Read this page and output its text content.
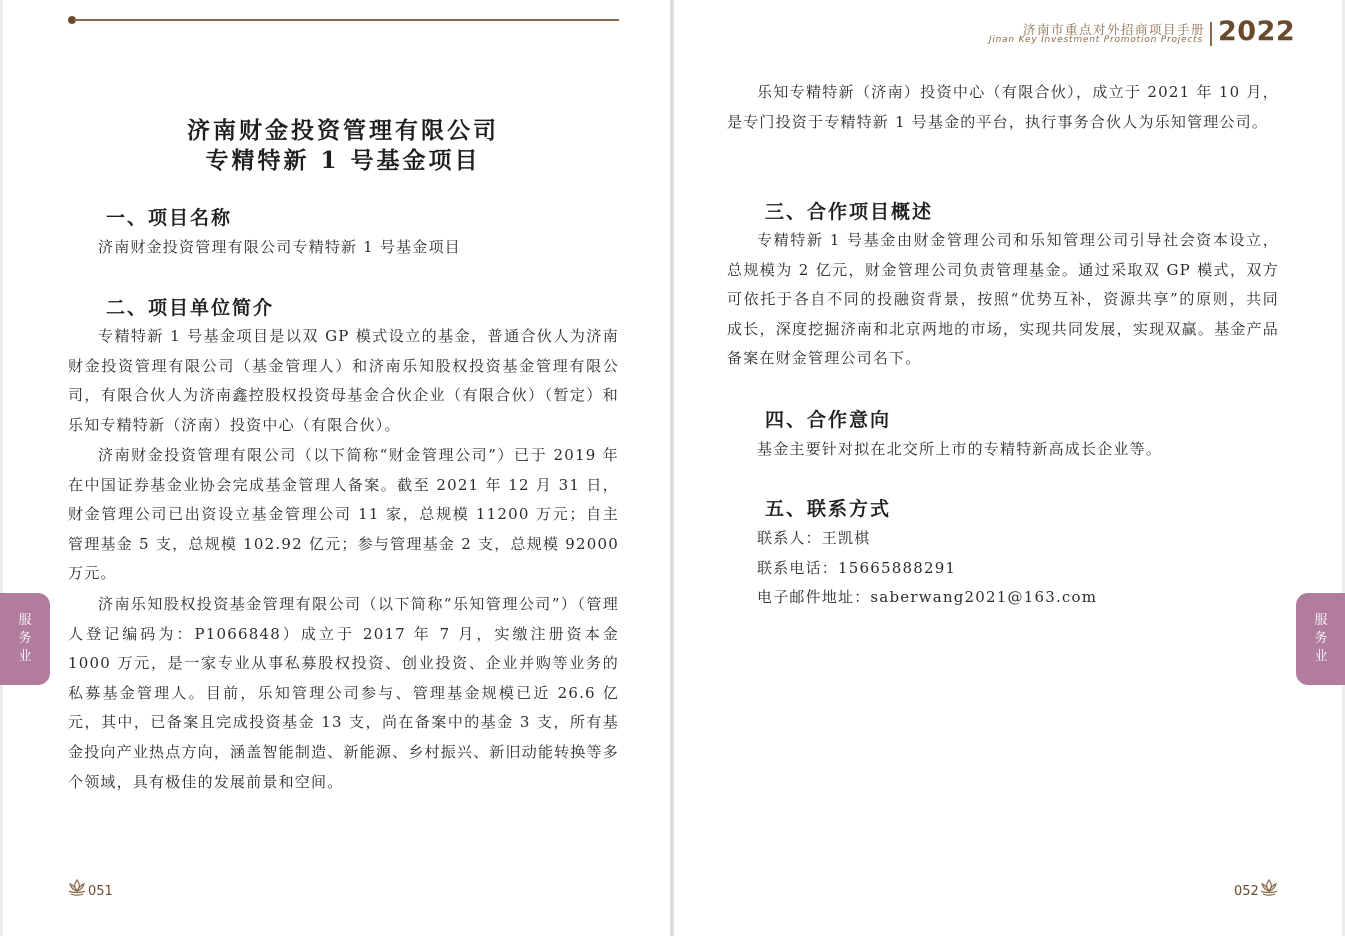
济南市重点对外招商项目手册
Jinan Key Investment Promotion Projects 2022
济南财金投资管理有限公司
专精特新 1 号基金项目
一、项目名称
济南财金投资管理有限公司专精特新 1 号基金项目
二、项目单位简介
专精特新 1 号基金项目是以双 GP 模式设立的基金，普通合伙人为济南财金投资管理有限公司（基金管理人）和济南乐知股权投资基金管理有限公司，有限合伙人为济南鑫控股权投资母基金合伙企业（有限合伙）（暂定）和乐知专精特新（济南）投资中心（有限合伙）。
济南财金投资管理有限公司（以下简称“财金管理公司”）已于 2019 年在中国证券基金业协会完成基金管理人备案。截至 2021 年 12 月 31 日，财金管理公司已出资设立基金管理公司 11 家，总规模 11200 万元；自主管理基金 5 支，总规模 102.92 亿元；参与管理基金 2 支，总规模 92000 万元。
济南乐知股权投资基金管理有限公司（以下简称“乐知管理公司”）（管理人登记编码为：P1066848）成立于 2017 年 7 月，实缴注册资本金 1000 万元，是一家专业从事私募股权投资、创业投资、企业并购等业务的私募基金管理人。目前，乐知管理公司参与、管理基金规模已近 26.6 亿元，其中，已备案且完成投资基金 13 支，尚在备案中的基金 3 支，所有基金投向产业热点方向，涵盖智能制造、新能源、乡村振兴、新旧动能转换等多个领域，具有极佳的发展前景和空间。
乐知专精特新（济南）投资中心（有限合伙），成立于 2021 年 10 月，是专门投资于专精特新 1 号基金的平台，执行事务合伙人为乐知管理公司。
三、合作项目概述
专精特新 1 号基金由财金管理公司和乐知管理公司引导社会资本设立，总规模为 2 亿元，财金管理公司负责管理基金。通过采取双 GP 模式，双方可依托于各自不同的投融资背景，按照“优势互补，资源共享”的原则，共同成长，深度挖掘济南和北京两地的市场，实现共同发展，实现双赢。基金产品备案在财金管理公司名下。
四、合作意向
基金主要针对拟在北交所上市的专精特新高成长企业等。
五、联系方式
联系人：王凯棋
联系电话：15665888291
电子邮件地址：saberwang2021@163.com
服
务
业
服
务
业
051	052
